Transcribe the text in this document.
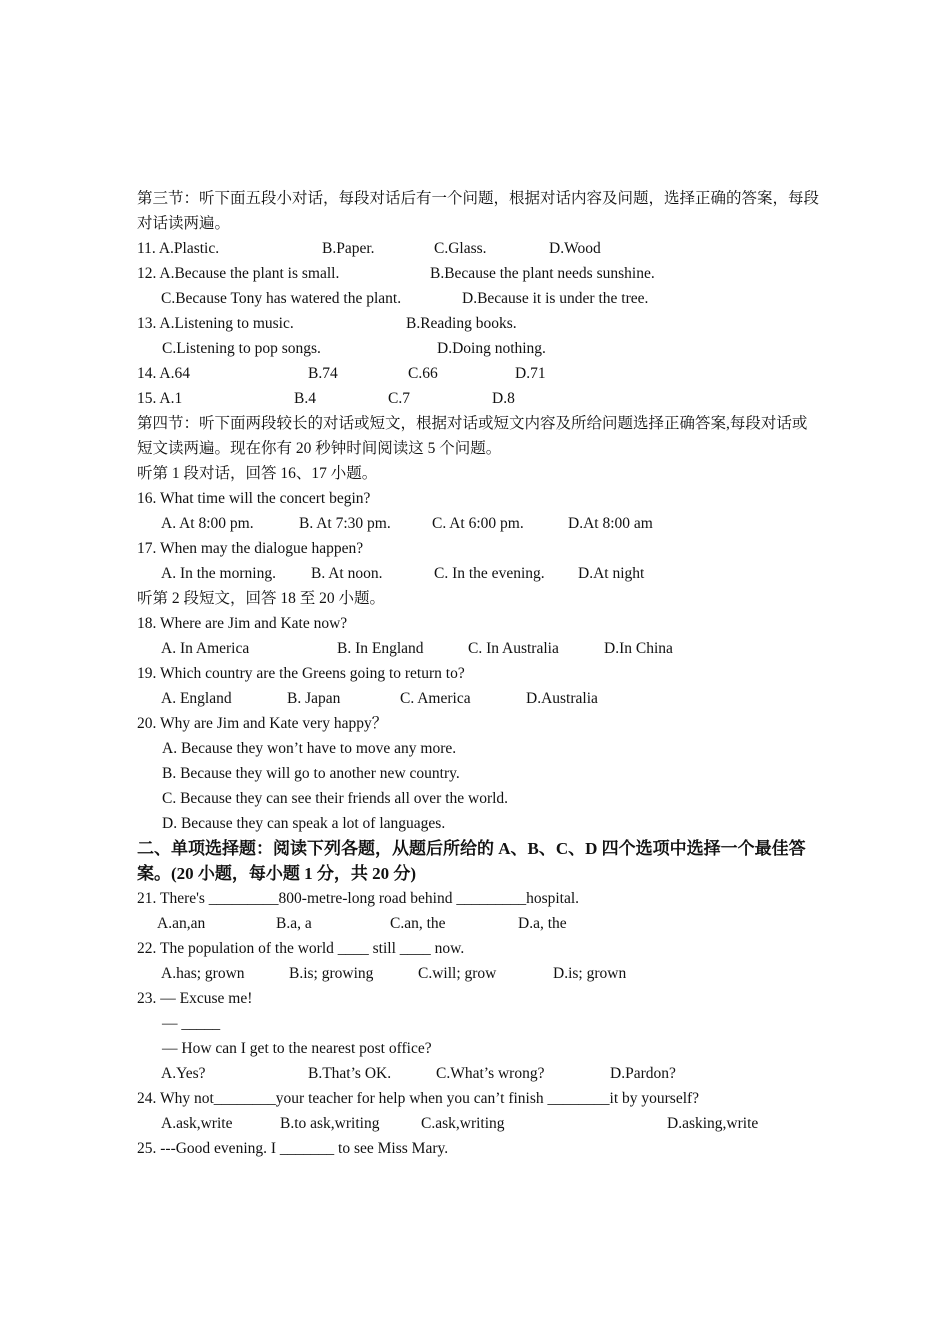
第三节：听下面五段小对话，每段对话后有一个问题，根据对话内容及问题，选择正确的答案，每段对话读两遍。
11. A.Plastic.	B.Paper.	C.Glass.	D.Wood
12. A.Because the plant is small.	B.Because the plant needs sunshine.
C.Because Tony has watered the plant.	D.Because it is under the tree.
13. A.Listening to music.	B.Reading books.
C.Listening to pop songs.	D.Doing nothing.
14. A.64	B.74	C.66	D.71
15. A.1	B.4	C.7	D.8
第四节：听下面两段较长的对话或短文，根据对话或短文内容及所给问题选择正确答案,每段对话或短文读两遍。现在你有 20 秒钟时间阅读这 5 个问题。
听第 1 段对话，回答 16、17 小题。
16. What time will the concert begin?
A. At 8:00 pm.	B. At 7:30 pm.	C. At 6:00 pm.	D.At 8:00 am
17. When may the dialogue happen?
A. In the morning. B. At noon.	C. In the evening. D.At night
听第 2 段短文，回答 18 至 20 小题。
18. Where are Jim and Kate now?
A. In America	B. In England	C. In Australia	D.In China
19. Which country are the Greens going to return to?
A. England	B. Japan	C. America	D.Australia
20. Why are Jim and Kate very happy？
A. Because they won’t have to move any more.
B. Because they will go to another new country.
C. Because they can see their friends all over the world.
D. Because they can speak a lot of languages.
二、单项选择题：阅读下列各题，从题后所给的 A、B、C、D 四个选项中选择一个最佳答案。(20 小题，每小题 1 分，共 20 分)
21. There's _________800-metre-long road behind _________hospital.
A.an,an	B.a, a	C.an, the	D.a, the
22. The population of the world ____ still ____ now.
A.has; grown	B.is; growing	C.will; grow	D.is; grown
23. — Excuse me!
— _____
— How can I get to the nearest post office?
A.Yes?	B.That’s OK.	C.What’s wrong?	D.Pardon?
24. Why not________your teacher for help when you can’t finish ________it by yourself?
A.ask,write	B.to ask,writing	C.ask,writing	D.asking,write
25. ---Good evening. I _______ to see Miss Mary.
